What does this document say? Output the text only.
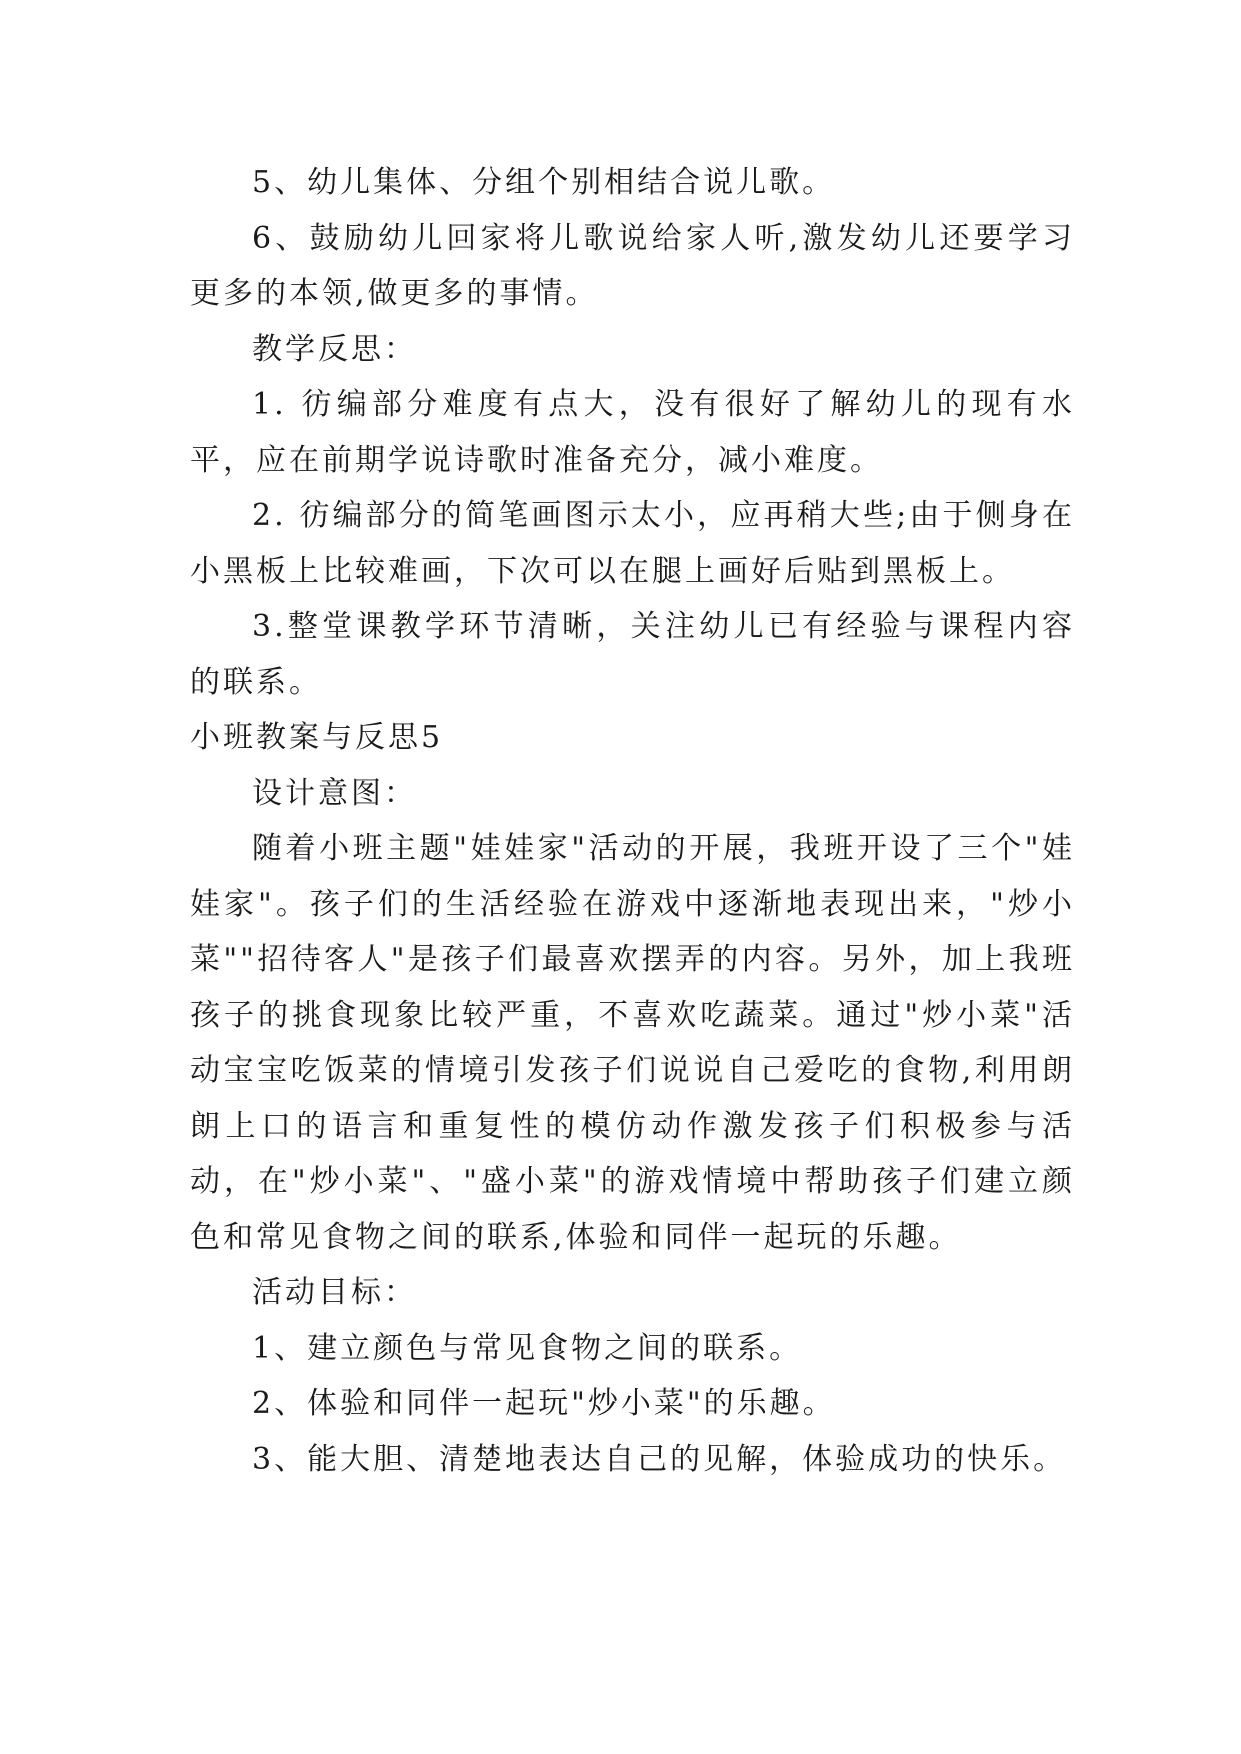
5、幼儿集体、分组个别相结合说儿歌。

6、鼓励幼儿回家将儿歌说给家人听,激发幼儿还要学习更多的本领,做更多的事情。

教学反思：

1. 彷编部分难度有点大，没有很好了解幼儿的现有水平，应在前期学说诗歌时准备充分，减小难度。

2. 彷编部分的简笔画图示太小，应再稍大些;由于侧身在小黑板上比较难画，下次可以在腿上画好后贴到黑板上。

3.整堂课教学环节清晰，关注幼儿已有经验与课程内容的联系。

小班教案与反思5

设计意图：

随着小班主题"娃娃家"活动的开展，我班开设了三个"娃娃家"。孩子们的生活经验在游戏中逐渐地表现出来，"炒小菜""招待客人"是孩子们最喜欢摆弄的内容。另外，加上我班孩子的挑食现象比较严重，不喜欢吃蔬菜。通过"炒小菜"活动宝宝吃饭菜的情境引发孩子们说说自己爱吃的食物,利用朗朗上口的语言和重复性的模仿动作激发孩子们积极参与活动，在"炒小菜"、"盛小菜"的游戏情境中帮助孩子们建立颜色和常见食物之间的联系,体验和同伴一起玩的乐趣。

活动目标：

1、建立颜色与常见食物之间的联系。

2、体验和同伴一起玩"炒小菜"的乐趣。

3、能大胆、清楚地表达自己的见解，体验成功的快乐。
